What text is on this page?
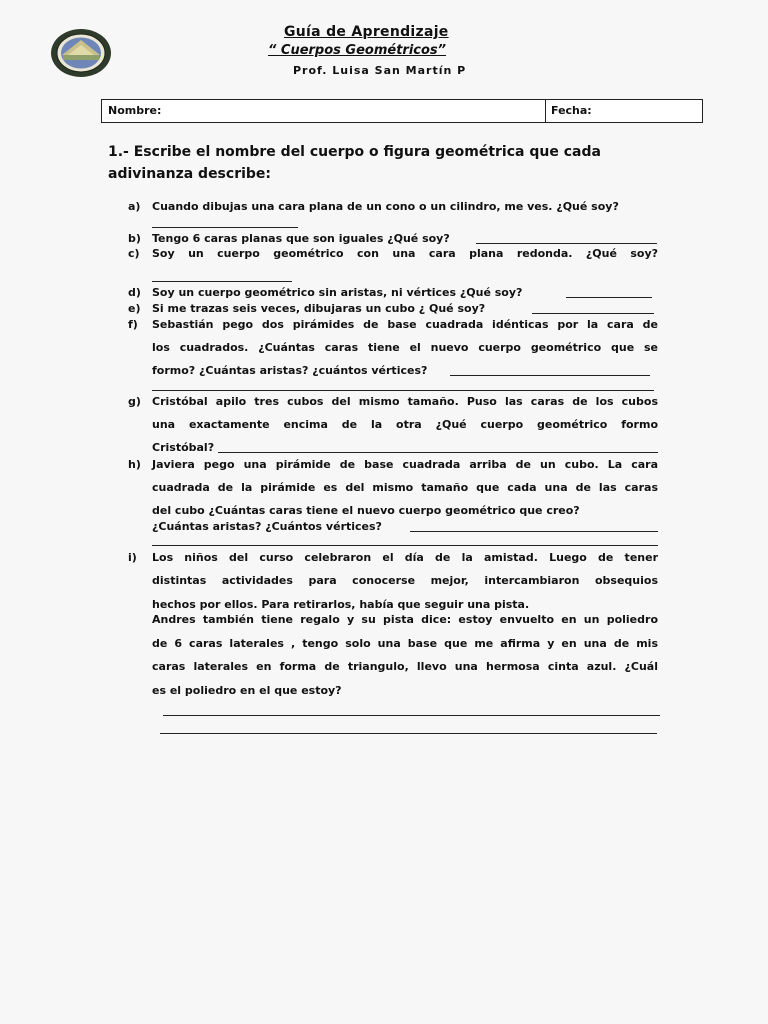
Guía de Aprendizaje
“ Cuerpos Geométricos”
Prof. Luisa San Martín P
Nombre:	Fecha:
1.- Escribe el nombre del cuerpo o figura geométrica que cada
adivinanza describe:
a) Cuando dibujas una cara plana de un cono o un cilindro, me ves. ¿Qué soy?
b) Tengo 6 caras planas que son iguales ¿Qué soy?
c) Soy un cuerpo geométrico con una cara plana redonda. ¿Qué soy?
d) Soy un cuerpo geométrico sin aristas, ni vértices ¿Qué soy?
e) Si me trazas seis veces, dibujaras un cubo ¿ Qué soy?
f) Sebastián pego dos pirámides de base cuadrada idénticas por la cara de
los cuadrados. ¿Cuántas caras tiene el nuevo cuerpo geométrico que se
formo? ¿Cuántas aristas? ¿cuántos vértices?
g) Cristóbal apilo tres cubos del mismo tamaño. Puso las caras de los cubos
una exactamente encima de la otra ¿Qué cuerpo geométrico formo
Cristóbal?
h) Javiera pego una pirámide de base cuadrada arriba de un cubo. La cara
cuadrada de la pirámide es del mismo tamaño que cada una de las caras
del cubo ¿Cuántas caras tiene el nuevo cuerpo geométrico que creo?
¿Cuántas aristas? ¿Cuántos vértices?
i) Los niños del curso celebraron el día de la amistad. Luego de tener
distintas actividades para conocerse mejor, intercambiaron obsequios
hechos por ellos. Para retirarlos, había que seguir una pista.
Andres también tiene regalo y su pista dice: estoy envuelto en un poliedro
de 6 caras laterales , tengo solo una base que me afirma y en una de mis
caras laterales en forma de triangulo, llevo una hermosa cinta azul. ¿Cuál
es el poliedro en el que estoy?
